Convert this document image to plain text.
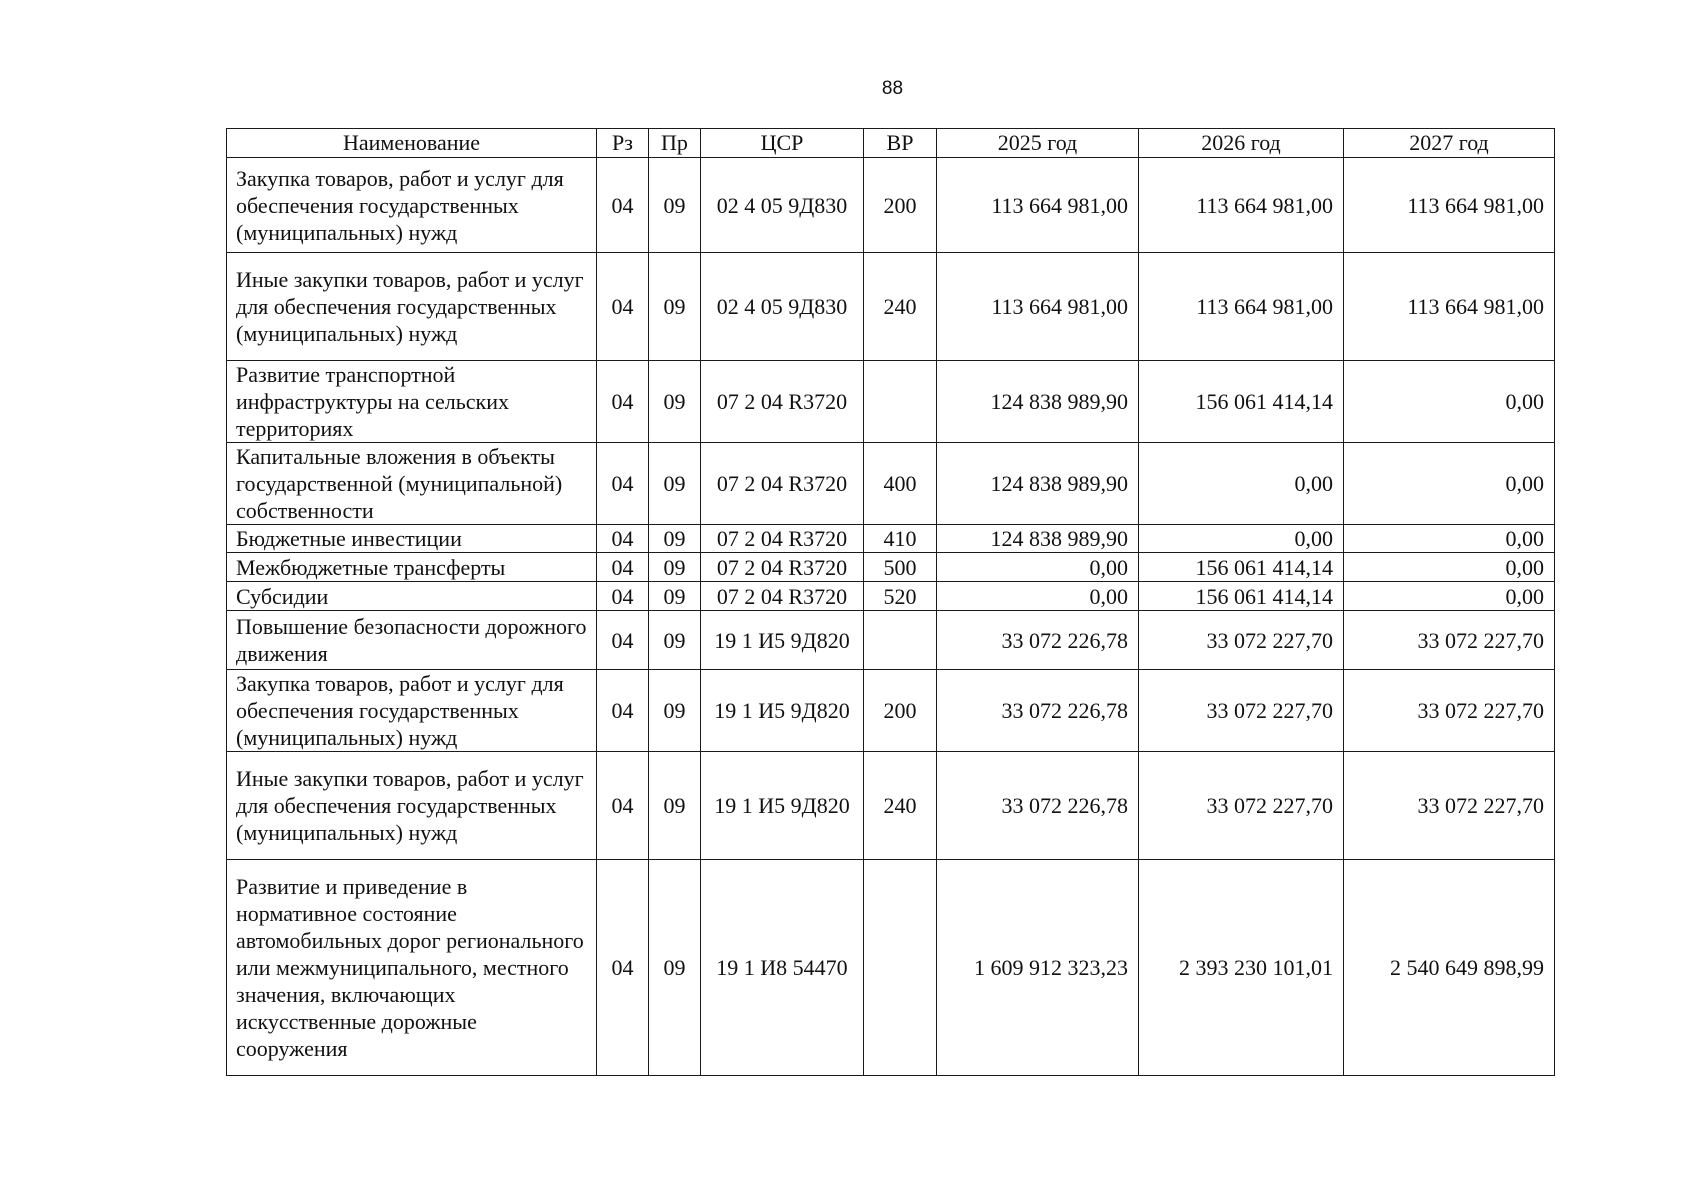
88
Наименование	Рз	Пр	ЦСР	ВР	2025 год	2026 год	2027 год
Закупка товаров, работ и услуг для обеспечения государственных (муниципальных) нужд	04	09	02 4 05 9Д830	200	113 664 981,00	113 664 981,00	113 664 981,00
Иные закупки товаров, работ и услуг для обеспечения государственных (муниципальных) нужд	04	09	02 4 05 9Д830	240	113 664 981,00	113 664 981,00	113 664 981,00
Развитие транспортной инфраструктуры на сельских территориях	04	09	07 2 04 R3720		124 838 989,90	156 061 414,14	0,00
Капитальные вложения в объекты государственной (муниципальной) собственности	04	09	07 2 04 R3720	400	124 838 989,90	0,00	0,00
Бюджетные инвестиции	04	09	07 2 04 R3720	410	124 838 989,90	0,00	0,00
Межбюджетные трансферты	04	09	07 2 04 R3720	500	0,00	156 061 414,14	0,00
Субсидии	04	09	07 2 04 R3720	520	0,00	156 061 414,14	0,00
Повышение безопасности дорожного движения	04	09	19 1 И5 9Д820		33 072 226,78	33 072 227,70	33 072 227,70
Закупка товаров, работ и услуг для обеспечения государственных (муниципальных) нужд	04	09	19 1 И5 9Д820	200	33 072 226,78	33 072 227,70	33 072 227,70
Иные закупки товаров, работ и услуг для обеспечения государственных (муниципальных) нужд	04	09	19 1 И5 9Д820	240	33 072 226,78	33 072 227,70	33 072 227,70
Развитие и приведение в нормативное состояние автомобильных дорог регионального или межмуниципального, местного значения, включающих искусственные дорожные сооружения	04	09	19 1 И8 54470		1 609 912 323,23	2 393 230 101,01	2 540 649 898,99
